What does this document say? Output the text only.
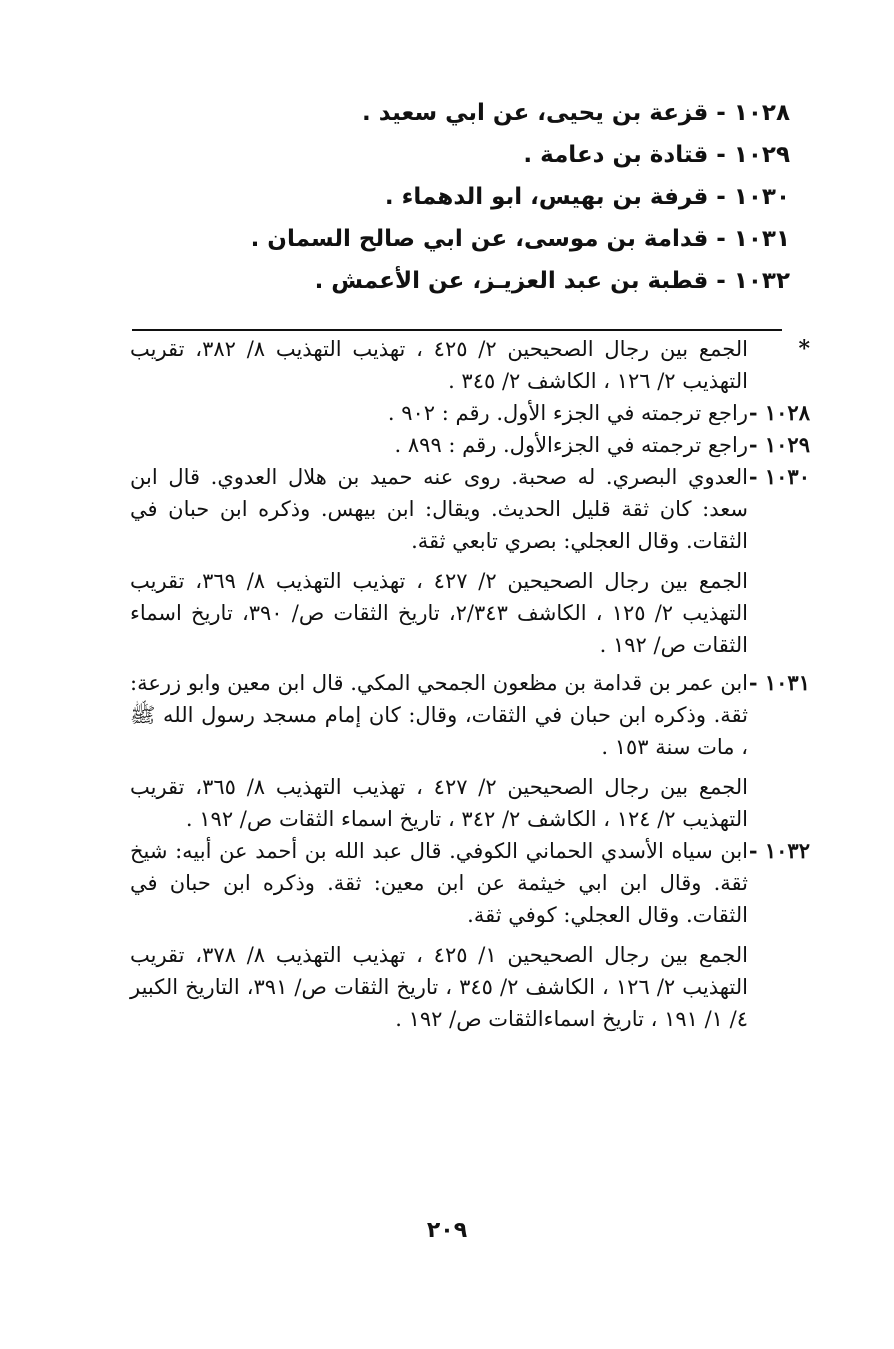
١٠٢٨ - قزعة بن يحيى، عن ابي سعيد .
١٠٢٩ - قتادة بن دعامة .
١٠٣٠ - قرفة بن بهيس، ابو الدهماء .
١٠٣١ - قدامة بن موسى، عن ابي صالح السمان .
١٠٣٢ - قطبة بن عبد العزيـز، عن الأعمش .
*

الجمع بين رجال الصحيحين ٢/ ٤٢٥ ، تهذيب التهذيب ٨/ ٣٨٢، تقريب التهذيب ٢/ ١٢٦ ، الكاشف ٢/ ٣٤٥ .

١٠٢٨ -

راجع ترجمته في الجزء الأول. رقم : ٩٠٢ .

١٠٢٩ -

راجع ترجمته في الجزءالأول. رقم : ٨٩٩ .

١٠٣٠ -

العدوي البصري. له صحبة. روى عنه حميد بن هلال العدوي. قال ابن سعد: كان ثقة قليل الحديث. ويقال: ابن بيهس. وذكره ابن حبان في الثقات. وقال العجلي: بصري تابعي ثقة.

الجمع بين رجال الصحيحين ٢/ ٤٢٧ ، تهذيب التهذيب ٨/ ٣٦٩، تقريب التهذيب ٢/ ١٢٥ ، الكاشف ٢/٣٤٣، تاريخ الثقات ص/ ٣٩٠، تاريخ اسماء الثقات ص/ ١٩٢ .

١٠٣١ -

ابن عمر بن قدامة بن مظعون الجمحي المكي. قال ابن معين وابو زرعة: ثقة. وذكره ابن حبان في الثقات، وقال: كان إمام مسجد رسول الله ﷺ ، مات سنة ١٥٣ .

الجمع بين رجال الصحيحين ٢/ ٤٢٧ ، تهذيب التهذيب ٨/ ٣٦٥، تقريب التهذيب ٢/ ١٢٤ ، الكاشف ٢/ ٣٤٢ ، تاريخ اسماء الثقات ص/ ١٩٢ .

١٠٣٢ -

ابن سياه الأسدي الحماني الكوفي. قال عبد الله بن أحمد عن أبيه: شيخ ثقة. وقال ابن ابي خيثمة عن ابن معين: ثقة. وذكره ابن حبان في الثقات. وقال العجلي: كوفي ثقة.

الجمع بين رجال الصحيحين ١/ ٤٢٥ ، تهذيب التهذيب ٨/ ٣٧٨، تقريب التهذيب ٢/ ١٢٦ ، الكاشف ٢/ ٣٤٥ ، تاريخ الثقات ص/ ٣٩١، التاريخ الكبير ٤/ ١/ ١٩١ ، تاريخ اسماءالثقات ص/ ١٩٢ .

٢٠٩
